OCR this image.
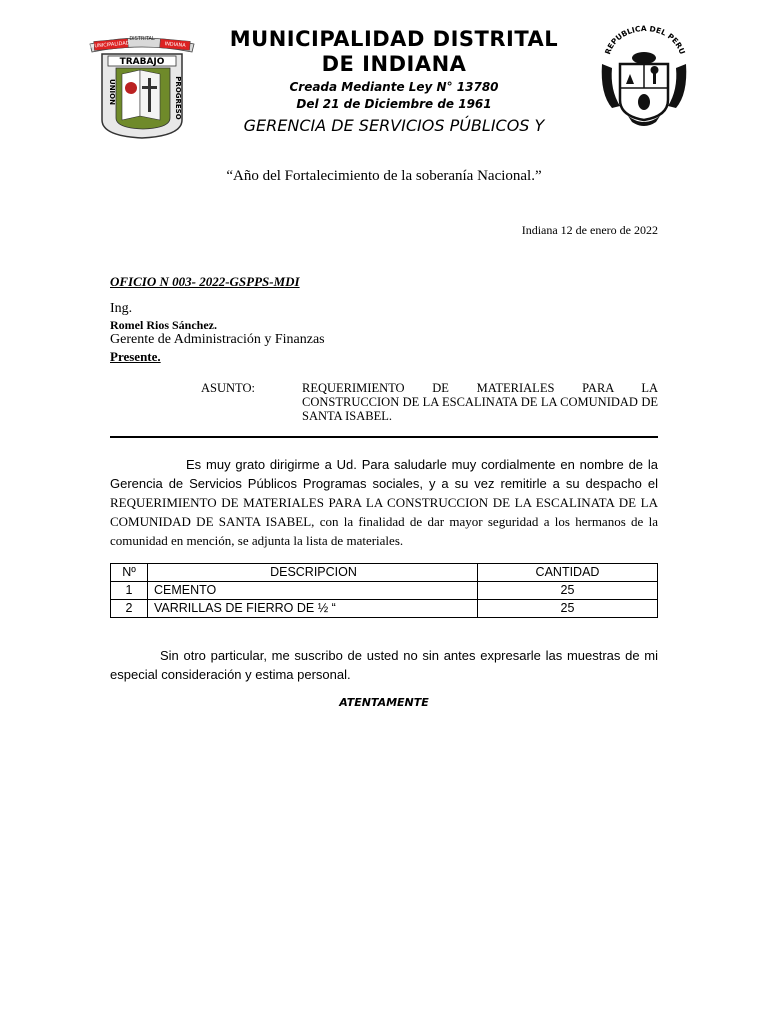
MUNICIPALIDAD
DISTRITAL
INDIANA
TRABAJO
UNION	PROGRESO
MUNICIPALIDAD DISTRITAL
DE INDIANA
Creada Mediante Ley N° 13780
Del 21 de Diciembre de 1961
GERENCIA DE SERVICIOS PÚBLICOS Y
REPUBLICA DEL PERU
“Año del Fortalecimiento de la soberanía Nacional.”
Indiana 12 de enero de 2022
OFICIO N 003- 2022-GSPPS-MDI
Ing.
Romel Rios Sánchez.
Gerente de Administración y Finanzas
Presente.
ASUNTO:	REQUERIMIENTO DE MATERIALES PARA LA CONSTRUCCION DE LA ESCALINATA DE LA COMUNIDAD DE SANTA ISABEL.
Es muy grato dirigirme a Ud. Para saludarle muy cordialmente en nombre de la Gerencia de Servicios Públicos Programas sociales, y a su vez remitirle a su despacho el REQUERIMIENTO DE MATERIALES PARA LA CONSTRUCCION DE LA ESCALINATA DE LA COMUNIDAD DE SANTA ISABEL, con la finalidad de dar mayor seguridad a los hermanos de la comunidad en mención, se adjunta la lista de materiales.
Nº	DESCRIPCION	CANTIDAD
1	CEMENTO	25
2	VARRILLAS DE FIERRO DE ½ “	25
Sin otro particular, me suscribo de usted no sin antes expresarle las muestras de mi especial consideración y estima personal.
ATENTAMENTE
